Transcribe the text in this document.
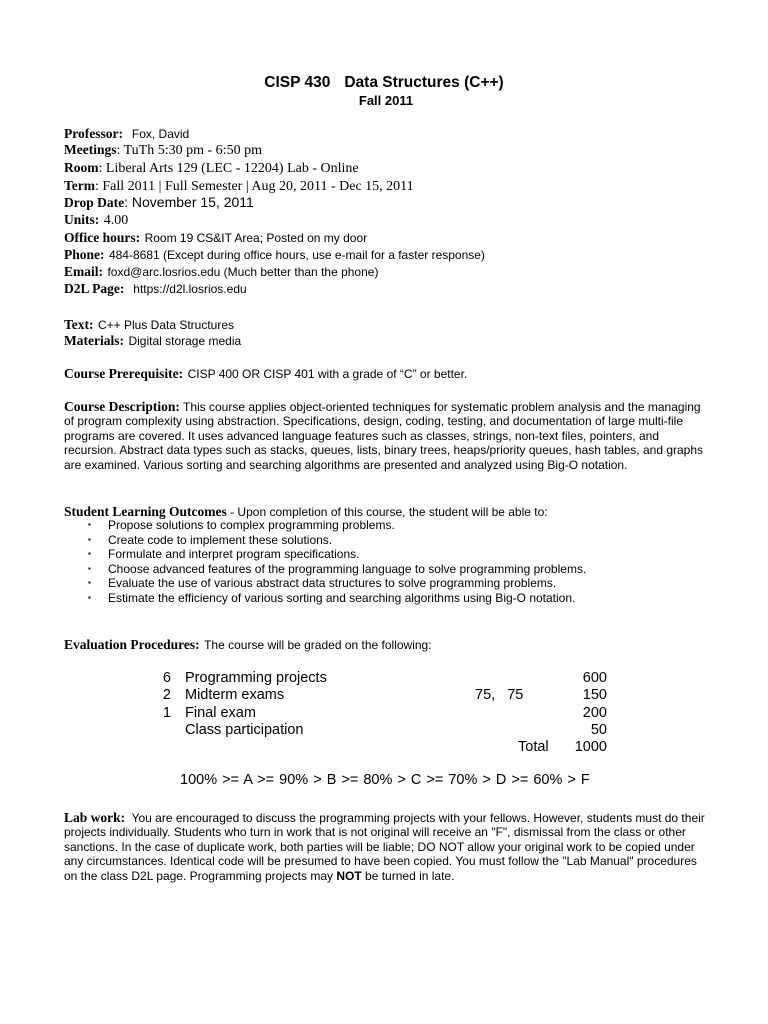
CISP 430 Data Structures (C++)
Fall 2011
Professor: Fox, David
Meetings: TuTh 5:30 pm - 6:50 pm
Room: Liberal Arts 129 (LEC - 12204) Lab - Online
Term: Fall 2011 | Full Semester | Aug 20, 2011 - Dec 15, 2011
Drop Date: November 15, 2011
Units: 4.00
Office hours: Room 19 CS&IT Area; Posted on my door
Phone: 484-8681 (Except during office hours, use e-mail for a faster response)
Email: foxd@arc.losrios.edu (Much better than the phone)
D2L Page: https://d2l.losrios.edu
Text: C++ Plus Data Structures
Materials: Digital storage media
Course Prerequisite: CISP 400 OR CISP 401 with a grade of “C” or better.
Course Description: This course applies object-oriented techniques for systematic problem analysis and the managing of program complexity using abstraction. Specifications, design, coding, testing, and documentation of large multi-file programs are covered. It uses advanced language features such as classes, strings, non-text files, pointers, and recursion. Abstract data types such as stacks, queues, lists, binary trees, heaps/priority queues, hash tables, and graphs are examined. Various sorting and searching algorithms are presented and analyzed using Big-O notation.
Student Learning Outcomes - Upon completion of this course, the student will be able to:
▪ Propose solutions to complex programming problems.
▪ Create code to implement these solutions.
▪ Formulate and interpret program specifications.
▪ Choose advanced features of the programming language to solve programming problems.
▪ Evaluate the use of various abstract data structures to solve programming problems.
▪ Estimate the efficiency of various sorting and searching algorithms using Big-O notation.
Evaluation Procedures: The course will be graded on the following:
6 Programming projects	600
2 Midterm exams	75,   75	150
1 Final exam	200
Class participation	50
Total 1000
100% >= A >= 90% > B >= 80% > C >= 70% > D >= 60% > F
Lab work: You are encouraged to discuss the programming projects with your fellows. However, students must do their projects individually. Students who turn in work that is not original will receive an "F", dismissal from the class or other sanctions. In the case of duplicate work, both parties will be liable; DO NOT allow your original work to be copied under any circumstances. Identical code will be presumed to have been copied. You must follow the "Lab Manual" procedures on the class D2L page. Programming projects may NOT be turned in late.
